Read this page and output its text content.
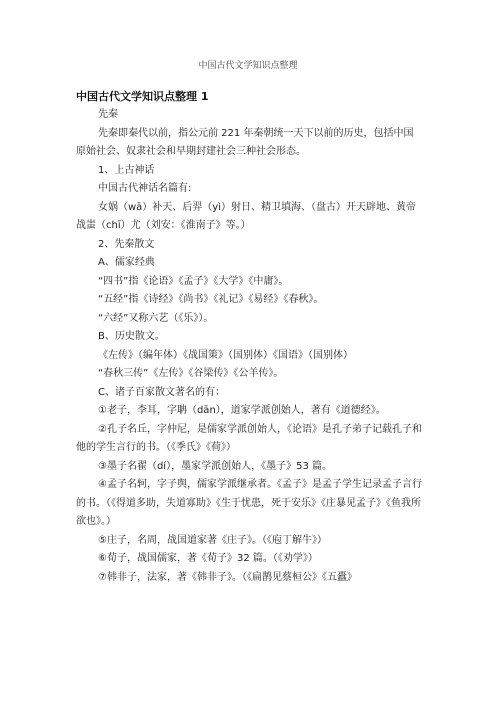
中国古代文学知识点整理

中国古代文学知识点整理 1

先秦

先秦即秦代以前，指公元前 221 年秦朝统一天下以前的历史，包括中国原始社会、奴隶社会和早期封建社会三种社会形态。

1、上古神话

中国古代神话名篇有:

女娲（wā）补天、后羿（yì）射日、精卫填海、（盘古）开天辟地、黄帝战蚩（chī）尤（刘安：《淮南子》等。）

2、先秦散文

A、儒家经典

“四书”指《论语》《孟子》《大学》《中庸》。

“五经”指《诗经》《尚书》《礼记》《易经》《春秋》。

“六经”又称六艺（《乐》）。

B、历史散文。

《左传》（编年体）《战国策》（国别体）《国语》（国别体）

“春秋三传”《左传》《谷梁传》《公羊传》。

C、诸子百家散文著名的有：

①老子，李耳，字聃（dān），道家学派创始人，著有《道德经》。

②孔子名丘，字仲尼，是儒家学派创始人，《论语》是孔子弟子记载孔子和他的学生言行的书。（《季氏》《荷》）

③墨子名翟（dí），墨家学派创始人，《墨子》53 篇。

④孟子名轲，字子舆，儒家学派继承者。《孟子》是孟子学生记录孟子言行的书。（《得道多助，失道寡助》《生于忧患，死于安乐》《庄暴见孟子》《鱼我所欲也》。）

⑤庄子，名周，战国道家著《庄子》。（《庖丁解牛》）

⑥荀子，战国儒家，著《荀子》32 篇。（《劝学》）

⑦韩非子，法家，著《韩非子》。（《扁鹊见蔡桓公》《五蠹》
